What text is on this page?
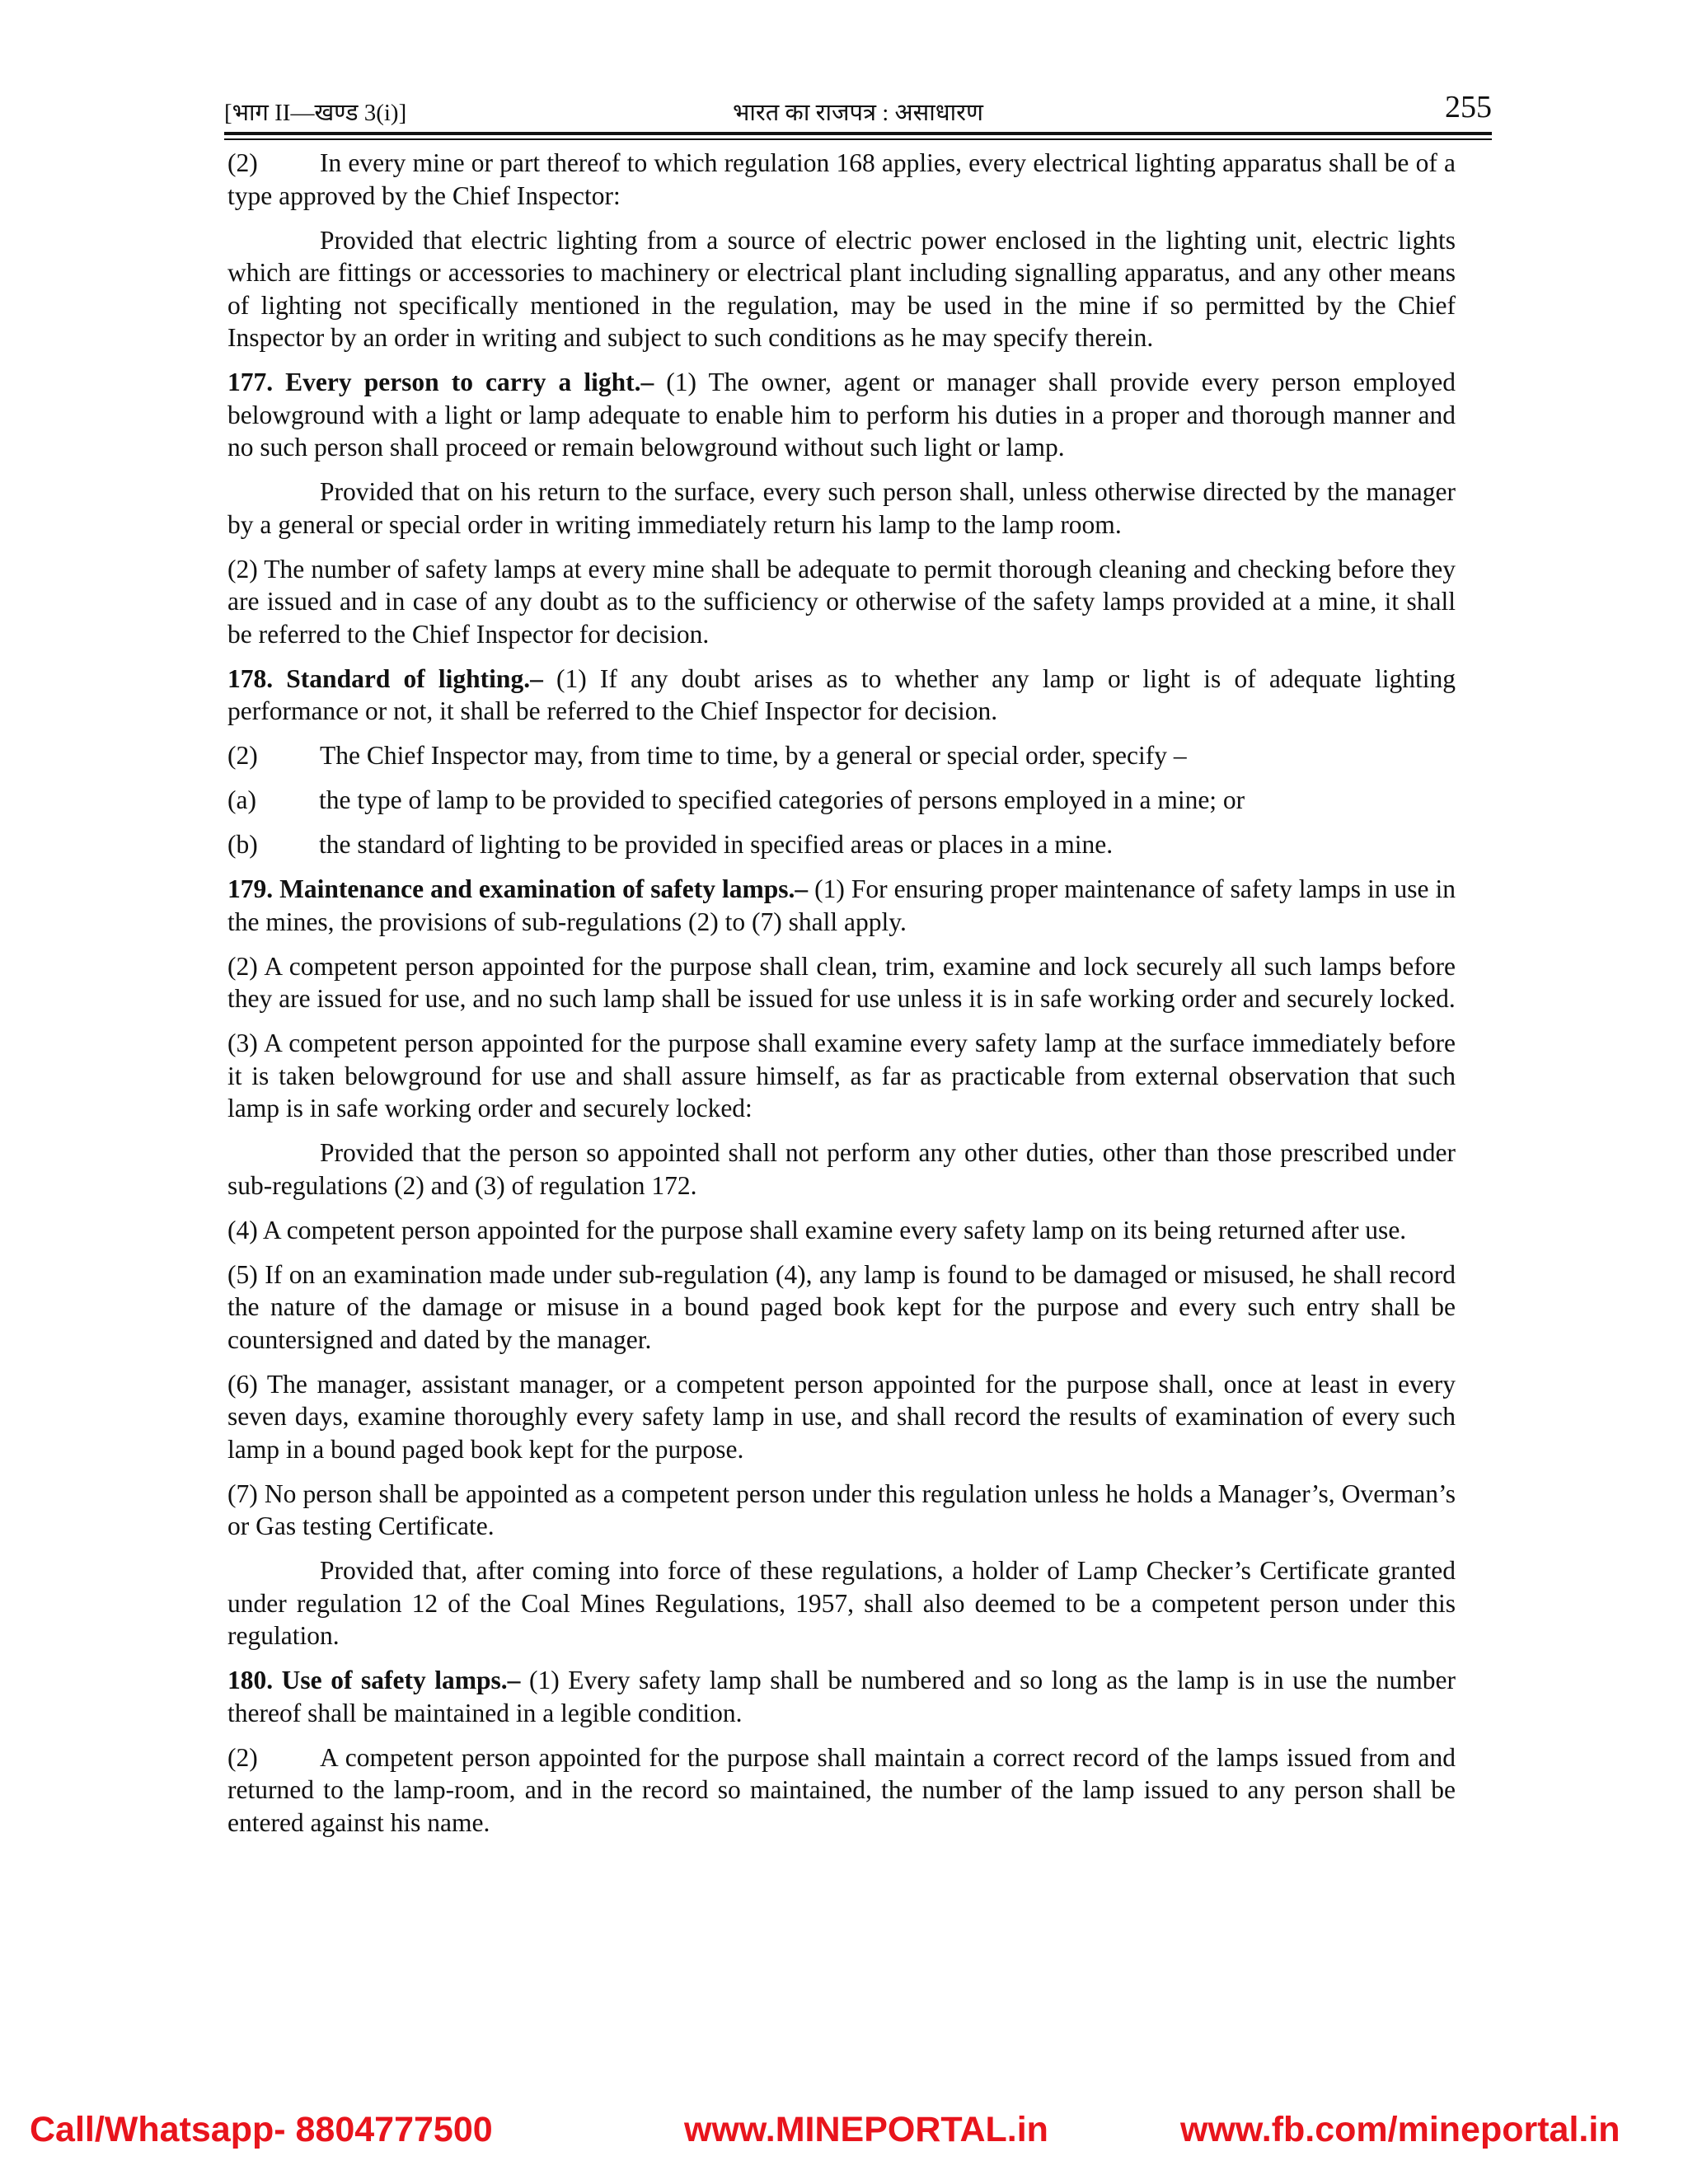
[भाग II—खण्ड 3(i)]	भारत का राजपत्र : असाधारण	255

(2) In every mine or part thereof to which regulation 168 applies, every electrical lighting apparatus shall be of a type approved by the Chief Inspector:

Provided that electric lighting from a source of electric power enclosed in the lighting unit, electric lights which are fittings or accessories to machinery or electrical plant including signalling apparatus, and any other means of lighting not specifically mentioned in the regulation, may be used in the mine if so permitted by the Chief Inspector by an order in writing and subject to such conditions as he may specify therein.

177. Every person to carry a light.– (1) The owner, agent or manager shall provide every person employed belowground with a light or lamp adequate to enable him to perform his duties in a proper and thorough manner and no such person shall proceed or remain belowground without such light or lamp.

Provided that on his return to the surface, every such person shall, unless otherwise directed by the manager by a general or special order in writing immediately return his lamp to the lamp room.

(2) The number of safety lamps at every mine shall be adequate to permit thorough cleaning and checking before they are issued and in case of any doubt as to the sufficiency or otherwise of the safety lamps provided at a mine, it shall be referred to the Chief Inspector for decision.

178. Standard of lighting.– (1) If any doubt arises as to whether any lamp or light is of adequate lighting performance or not, it shall be referred to the Chief Inspector for decision.

(2) The Chief Inspector may, from time to time, by a general or special order, specify –

(a) the type of lamp to be provided to specified categories of persons employed in a mine; or

(b) the standard of lighting to be provided in specified areas or places in a mine.

179. Maintenance and examination of safety lamps.– (1) For ensuring proper maintenance of safety lamps in use in the mines, the provisions of sub-regulations (2) to (7) shall apply.

(2) A competent person appointed for the purpose shall clean, trim, examine and lock securely all such lamps before they are issued for use, and no such lamp shall be issued for use unless it is in safe working order and securely locked.

(3) A competent person appointed for the purpose shall examine every safety lamp at the surface immediately before it is taken belowground for use and shall assure himself, as far as practicable from external observation that such lamp is in safe working order and securely locked:

Provided that the person so appointed shall not perform any other duties, other than those prescribed under sub-regulations (2) and (3) of regulation 172.

(4) A competent person appointed for the purpose shall examine every safety lamp on its being returned after use.

(5) If on an examination made under sub-regulation (4), any lamp is found to be damaged or misused, he shall record the nature of the damage or misuse in a bound paged book kept for the purpose and every such entry shall be countersigned and dated by the manager.

(6) The manager, assistant manager, or a competent person appointed for the purpose shall, once at least in every seven days, examine thoroughly every safety lamp in use, and shall record the results of examination of every such lamp in a bound paged book kept for the purpose.

(7) No person shall be appointed as a competent person under this regulation unless he holds a Manager’s, Overman’s or Gas testing Certificate.

Provided that, after coming into force of these regulations, a holder of Lamp Checker’s Certificate granted under regulation 12 of the Coal Mines Regulations, 1957, shall also deemed to be a competent person under this regulation.

180. Use of safety lamps.– (1) Every safety lamp shall be numbered and so long as the lamp is in use the number thereof shall be maintained in a legible condition.

(2) A competent person appointed for the purpose shall maintain a correct record of the lamps issued from and returned to the lamp-room, and in the record so maintained, the number of the lamp issued to any person shall be entered against his name.

Call/Whatsapp- 8804777500	www.MINEPORTAL.in	www.fb.com/mineportal.in
